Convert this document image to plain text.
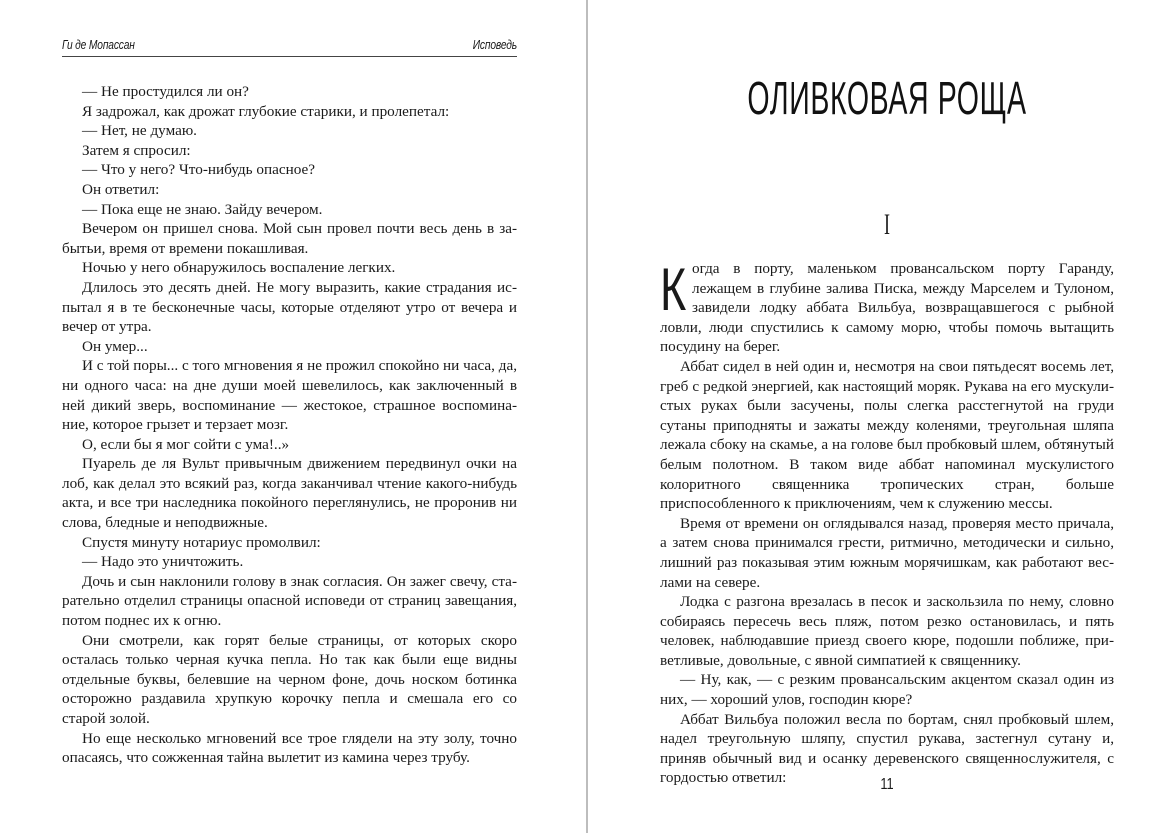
Ги де Мопассан	Исповедь

— Не простудился ли он?

Я задрожал, как дрожат глубокие старики, и пролепетал:

— Нет, не думаю.

Затем я спросил:

— Что у него? Что-нибудь опасное?

Он ответил:

— Пока еще не знаю. Зайду вечером.

Вечером он пришел снова. Мой сын провел почти весь день в забытьи, время от времени покашливая.

Ночью у него обнаружилось воспаление легких.

Длилось это десять дней. Не могу выразить, какие страдания испытал я в те бесконечные часы, которые отделяют утро от вечера и вечер от утра.

Он умер...

И с той поры... с того мгновения я не прожил спокойно ни часа, да, ни одного часа: на дне души моей шевелилось, как заключенный в ней дикий зверь, воспоминание — жестокое, страшное воспоминание, которое грызет и терзает мозг.

О, если бы я мог сойти с ума!..»

Пуарель де ля Вульт привычным движением передвинул очки на лоб, как делал это всякий раз, когда заканчивал чтение какого-нибудь акта, и все три наследника покойного переглянулись, не проронив ни слова, бледные и неподвижные.

Спустя минуту нотариус промолвил:

— Надо это уничтожить.

Дочь и сын наклонили голову в знак согласия. Он зажег свечу, старательно отделил страницы опасной исповеди от страниц завещания, потом поднес их к огню.

Они смотрели, как горят белые страницы, от которых скоро осталась только черная кучка пепла. Но так как были еще видны отдельные буквы, белевшие на черном фоне, дочь носком ботинка осторожно раздавила хрупкую корочку пепла и смешала его со старой золой.

Но еще несколько мгновений все трое глядели на эту золу, точно опасаясь, что сожженная тайна вылетит из камина через трубу.

ОЛИВКОВАЯ РОЩА
I

Когда в порту, маленьком провансальском порту Гаранду, лежащем в глубине залива Писка, между Марселем и Тулоном, завидели лодку аббата Вильбуа, возвращавшегося с рыбной ловли, люди спустились к самому морю, чтобы помочь вытащить посудину на берег.

Аббат сидел в ней один и, несмотря на свои пятьдесят восемь лет, греб с редкой энергией, как настоящий моряк. Рукава на его мускулистых руках были засучены, полы слегка расстегнутой на груди сутаны приподняты и зажаты между коленями, треугольная шляпа лежала сбоку на скамье, а на голове был пробковый шлем, обтянутый белым полотном. В таком виде аббат напоминал мускулистого колоритного священника тропических стран, больше приспособленного к приключениям, чем к служению мессы.

Время от времени он оглядывался назад, проверяя место причала, а затем снова принимался грести, ритмично, методически и сильно, лишний раз показывая этим южным морячишкам, как работают веслами на севере.

Лодка с разгона врезалась в песок и заскользила по нему, словно собираясь пересечь весь пляж, потом резко остановилась, и пять человек, наблюдавшие приезд своего кюре, подошли поближе, приветливые, довольные, с явной симпатией к священнику.

— Ну, как, — с резким провансальским акцентом сказал один из них, — хороший улов, господин кюре?

Аббат Вильбуа положил весла по бортам, снял пробковый шлем, надел треугольную шляпу, спустил рукава, застегнул сутану и, приняв обычный вид и осанку деревенского священнослужителя, с гордостью ответил:	11
